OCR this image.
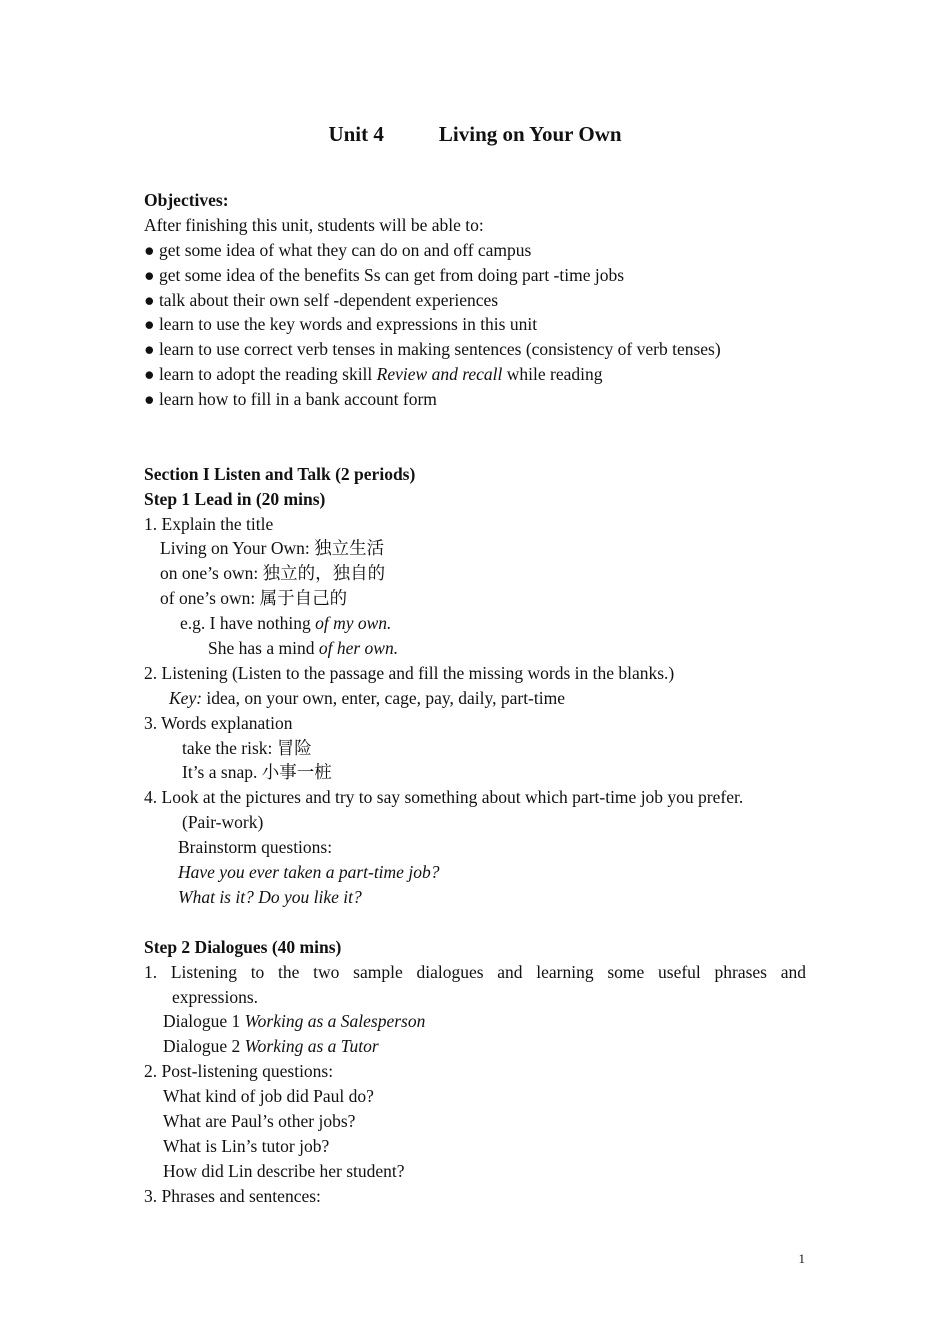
Unit 4	Living on Your Own
Objectives:
After finishing this unit, students will be able to:
● get some idea of what they can do on and off campus
● get some idea of the benefits Ss can get from doing part -time jobs
● talk about their own self -dependent experiences
● learn to use the key words and expressions in this unit
● learn to use correct verb tenses in making sentences (consistency of verb tenses)
● learn to adopt the reading skill Review and recall while reading
● learn how to fill in a bank account form
Section I Listen and Talk (2 periods)
Step 1 Lead in (20 mins)
1. Explain the title
Living on Your Own: 独立生活
on one’s own: 独立的，独自的
of one’s own: 属于自己的
e.g. I have nothing of my own.
She has a mind of her own.
2. Listening (Listen to the passage and fill the missing words in the blanks.)
Key: idea, on your own, enter, cage, pay, daily, part-time
3. Words explanation
take the risk: 冒险
It’s a snap. 小事一桩
4. Look at the pictures and try to say something about which part-time job you prefer.
(Pair-work)
Brainstorm questions:
Have you ever taken a part-time job?
What is it? Do you like it?
Step 2 Dialogues (40 mins)
1. Listening to the two sample dialogues and learning some useful phrases and
expressions.
Dialogue 1 Working as a Salesperson
Dialogue 2 Working as a Tutor
2. Post-listening questions:
What kind of job did Paul do?
What are Paul’s other jobs?
What is Lin’s tutor job?
How did Lin describe her student?
3. Phrases and sentences:
1
